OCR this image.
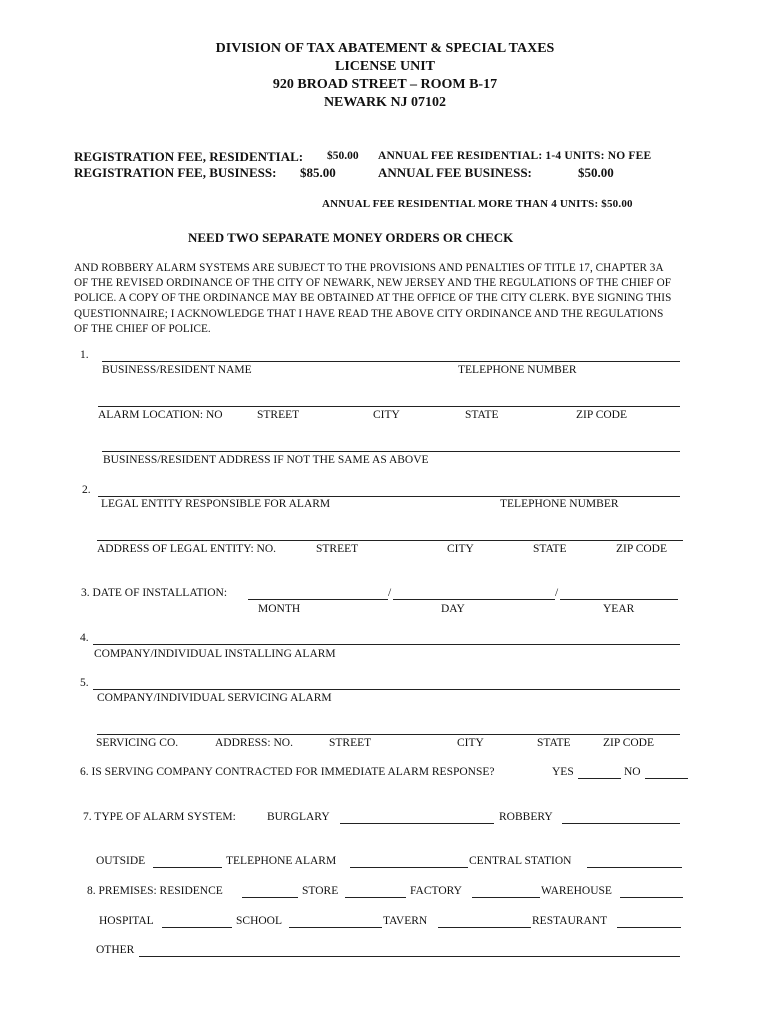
DIVISION OF TAX ABATEMENT & SPECIAL TAXES
LICENSE UNIT
920 BROAD STREET – ROOM B-17
NEWARK NJ 07102
REGISTRATION FEE, RESIDENTIAL: $50.00 ANNUAL FEE RESIDENTIAL: 1-4 UNITS: NO FEE
REGISTRATION FEE, BUSINESS: $85.00	ANNUAL FEE BUSINESS:	$50.00
ANNUAL FEE RESIDENTIAL MORE THAN 4 UNITS: $50.00
NEED TWO SEPARATE MONEY ORDERS OR CHECK
AND ROBBERY ALARM SYSTEMS ARE SUBJECT TO THE PROVISIONS AND PENALTIES OF TITLE 17, CHAPTER 3A OF THE REVISED ORDINANCE OF THE CITY OF NEWARK, NEW JERSEY AND THE REGULATIONS OF THE CHIEF OF POLICE. A COPY OF THE ORDINANCE MAY BE OBTAINED AT THE OFFICE OF THE CITY CLERK. BYE SIGNING THIS QUESTIONNAIRE; I ACKNOWLEDGE THAT I HAVE READ THE ABOVE CITY ORDINANCE AND THE REGULATIONS OF THE CHIEF OF POLICE.
1.
BUSINESS/RESIDENT NAME	TELEPHONE NUMBER
ALARM LOCATION: NO	STREET	CITY	STATE	ZIP CODE
BUSINESS/RESIDENT ADDRESS IF NOT THE SAME AS ABOVE
2.
LEGAL ENTITY RESPONSIBLE FOR ALARM	TELEPHONE NUMBER
ADDRESS OF LEGAL ENTITY: NO.	STREET	CITY	STATE	ZIP CODE
3. DATE OF INSTALLATION:	/	/
MONTH	DAY	YEAR
4.
COMPANY/INDIVIDUAL INSTALLING ALARM
5.
COMPANY/INDIVIDUAL SERVICING ALARM
SERVICING CO.	ADDRESS: NO.	STREET	CITY	STATE	ZIP CODE
6. IS SERVING COMPANY CONTRACTED FOR IMMEDIATE ALARM RESPONSE?	YES	NO
7. TYPE OF ALARM SYSTEM:	BURGLARY	ROBBERY
OUTSIDE	TELEPHONE ALARM	CENTRAL STATION
8. PREMISES: RESIDENCE	STORE	FACTORY	WAREHOUSE
HOSPITAL	SCHOOL	TAVERN	RESTAURANT
OTHER
